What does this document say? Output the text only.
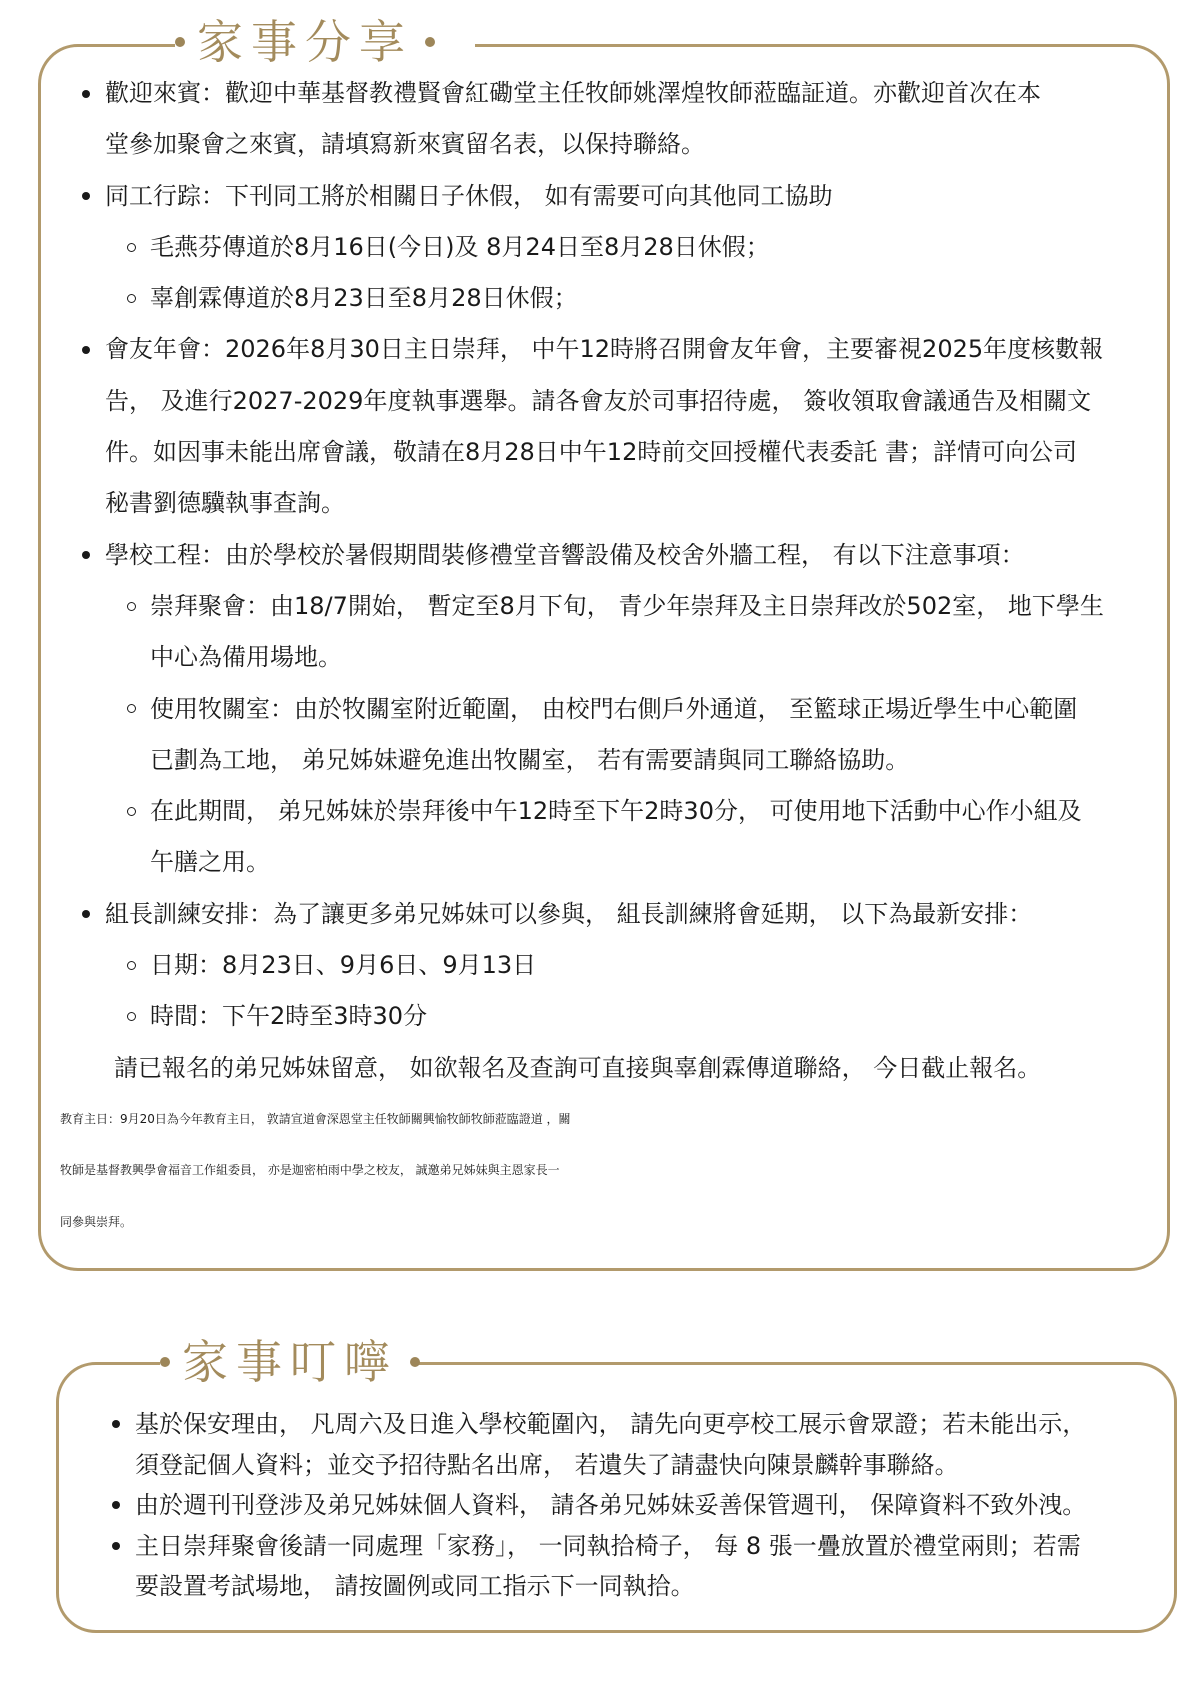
家事分享
歡迎來賓：歡迎中華基督教禮賢會紅磡堂主任牧師姚澤煌牧師蒞臨証道。亦歡迎首次在本
堂參加聚會之來賓，請填寫新來賓留名表，以保持聯絡。
同工行踪：下刊同工將於相關日子休假， 如有需要可向其他同工協助
毛燕芬傳道於8月16日(今日)及 8月24日至8月28日休假；
辜創霖傳道於8月23日至8月28日休假；
會友年會：2026年8月30日主日崇拜， 中午12時將召開會友年會，主要審視2025年度核數報
告， 及進行2027-2029年度執事選舉。請各會友於司事招待處， 簽收領取會議通告及相關文
件。如因事未能出席會議，敬請在8月28日中午12時前交回授權代表委託 書；詳情可向公司
秘書劉德驥執事查詢。
學校工程：由於學校於暑假期間裝修禮堂音響設備及校舍外牆工程， 有以下注意事項：
崇拜聚會：由18/7開始， 暫定至8月下旬， 青少年崇拜及主日崇拜改於502室， 地下學生
中心為備用場地。
使用牧關室：由於牧關室附近範圍， 由校門右側戶外通道， 至籃球正場近學生中心範圍
已劃為工地， 弟兄姊妹避免進出牧關室， 若有需要請與同工聯絡協助。
在此期間， 弟兄姊妹於崇拜後中午12時至下午2時30分， 可使用地下活動中心作小組及
午膳之用。
組長訓練安排：為了讓更多弟兄姊妹可以參與， 組長訓練將會延期， 以下為最新安排：
日期：8月23日、9月6日、9月13日
時間：下午2時至3時30分
請已報名的弟兄姊妹留意， 如欲報名及查詢可直接與辜創霖傳道聯絡， 今日截止報名。
教育主日：9月20日為今年教育主日， 敦請宣道會深恩堂主任牧師關興愉牧師牧師蒞臨證道 ，關
牧師是基督教興學會福音工作組委員， 亦是迦密柏雨中學之校友， 誠邀弟兄姊妹與主恩家長一
同參與崇拜。
家事叮嚀
基於保安理由， 凡周六及日進入學校範圍內， 請先向更亭校工展示會眾證；若未能出示，
須登記個人資料；並交予招待點名出席， 若遺失了請盡快向陳景麟幹事聯絡。
由於週刊刊登涉及弟兄姊妹個人資料， 請各弟兄姊妹妥善保管週刊， 保障資料不致外洩。
主日崇拜聚會後請一同處理「家務」， 一同執拾椅子， 每 8 張一疊放置於禮堂兩則；若需
要設置考試場地， 請按圖例或同工指示下一同執拾。
